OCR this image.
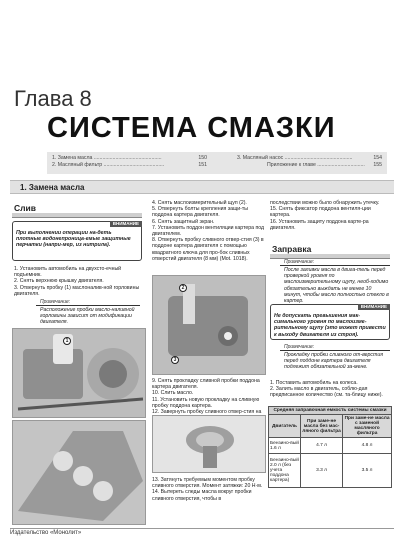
Глава 8
СИСТЕМА СМАЗКИ
1. Замена масла ...............................................	150
2. Масляный фильтр ..........................................	151
3. Масляный насос ...............................................	154
Приложение к главе ................................. 155
1. Замена масла
Слив
ВНИМАНИЕ
При выполнении операции на-деть плотные водонепроница-емые защитные перчатки (напри-мер, из нитрила).
1. Установить автомобиль на двухсто-ечный подъемник.
2. Снять верхнюю крышку двигателя.
3. Отвернуть пробку (1) маслоналив-ной горловины двигателя.
Примечание:
Расположение пробки масло-наливной горловины зависит от модификации двигателя.
1
4. Снять маслоизмерительный щуп (2).
5. Отвернуть болты крепления защи-ты поддона картера двигателя.
6. Снять защитный экран.
7. Установить поддон вентиляции картера под двигателем.
8. Отвернуть пробку сливного отвер-стия (3) в поддоне картера двигателя с помощью квадратного ключа для про-бок сливных отверстий двигателя (8 мм) (Mot. 1018).
2
3
9. Снять прокладку сливной пробки поддона картера двигателя.
10. Слить масло.
11. Установить новую прокладку на сливную пробку поддона картера.
12. Завернуть пробку сливного отвер-стия на
13. Затянуть требуемым моментом пробку сливного отверстия. Момент затяжки: 20 Н·м.
14. Вытереть следы масла вокруг пробки сливного отверстия, чтобы в
последствии можно было обнаружить утечку.
15. Снять фиксатор поддона вентиля-ции картера.
16. Установить защиту поддона карте-ра двигателя.
Заправка
Примечание:
После заливки масла в двига-тель перед проверкой уровня по маслоизмерительному щупу, необ-ходимо обязательно выждать не менее 10 минут, чтобы масло полностью стекло в картер.
ВНИМАНИЕ
Не допускать превышения мак-симального уровня по маслоизме-рительному щупу (это может привести к выходу двигателя из строя).
Примечание:
Прокладку пробки сливного от-верстия перед поддоне картера двигателя подлежит обязательной за-мене.
1. Поставить автомобиль на колеса.
2. Залить масло в двигатель, соблю-дая предписанное количество (см. та-блицу ниже).
Средняя заправочная емкость системы смазки		
Двигатель	При заме-не масла без мас-ляного фильтра	При заме-не масла с заменой масляного фильтра
Бензино-вый 1.6 л	4.7 л	4.8 л
Бензино-вый 2.0 л (без учета поддона картера)	3.3 л	3.5 л
Издательство «Монолит»
